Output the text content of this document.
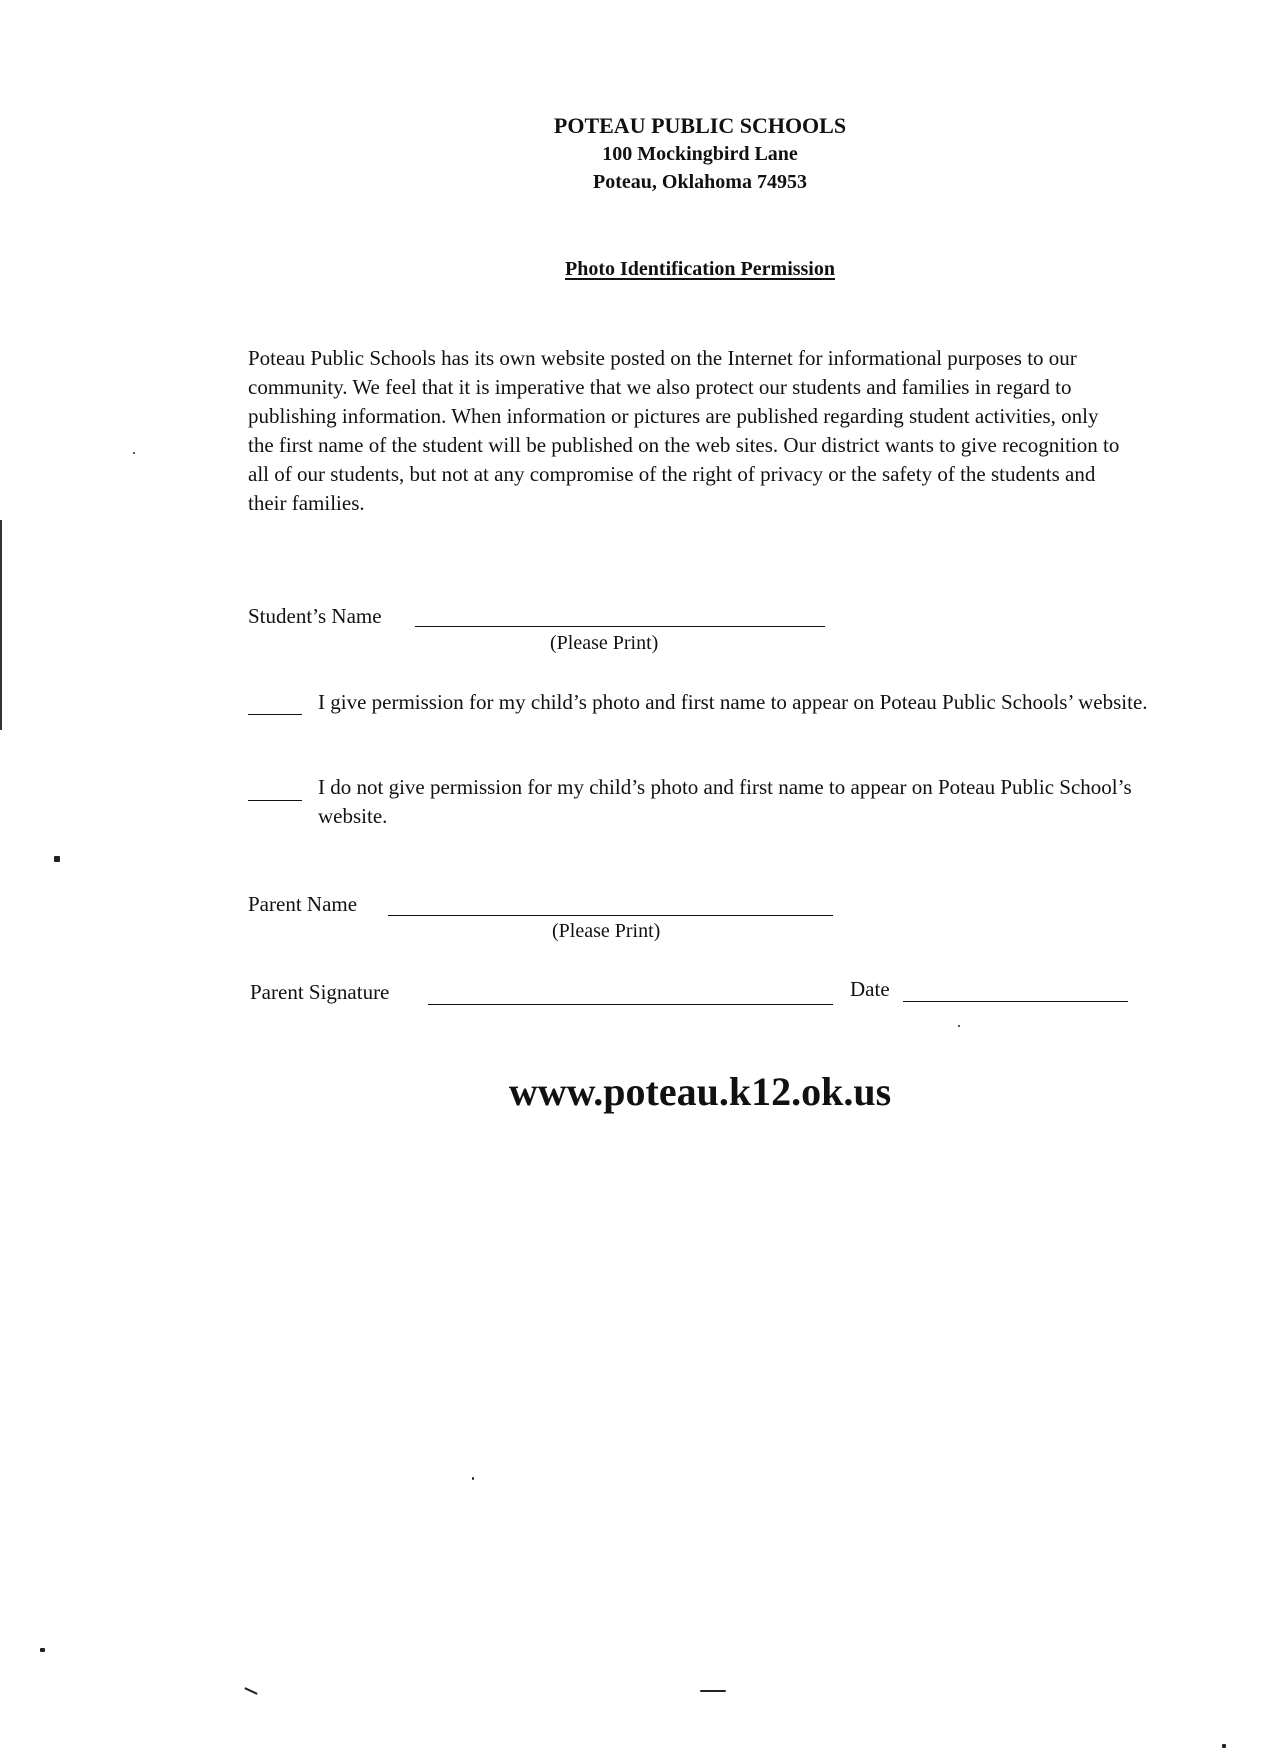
POTEAU PUBLIC SCHOOLS
100 Mockingbird Lane
Poteau, Oklahoma 74953
Photo Identification Permission

Poteau Public Schools has its own website posted on the Internet for informational purposes to our community. We feel that it is imperative that we also protect our students and families in regard to publishing information. When information or pictures are published regarding student activities, only the first name of the student will be published on the web sites. Our district wants to give recognition to all of our students, but not at any compromise of the right of privacy or the safety of the students and their families.

Student’s Name
(Please Print)
I give permission for my child’s photo and first name to appear on Poteau Public Schools’ website.
I do not give permission for my child’s photo and first name to appear on Poteau Public School’s website.
Parent Name
(Please Print)
Parent Signature	Date
www.poteau.k12.ok.us
